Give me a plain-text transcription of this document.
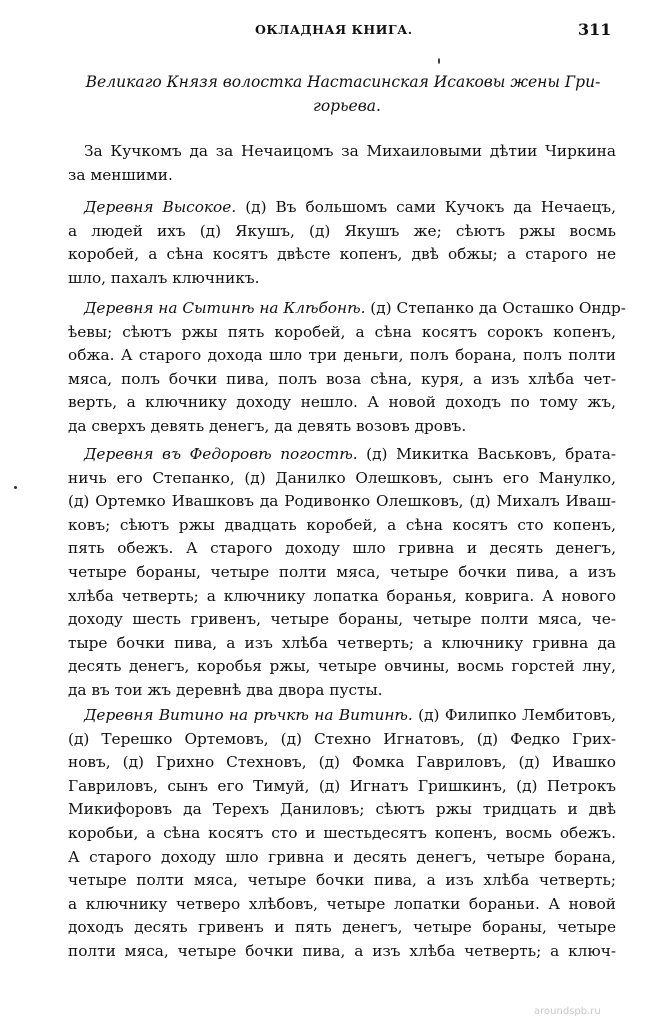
ОКЛАДНАЯ КНИГА.	311
Великаго Князя волостка Настасинская Исаковы жены Гри-
горьева.
За Кучкомъ да за Нечаицомъ за Михаиловыми дѣтии Чиркина
за меншими.
Деревня Высокое. (д) Въ большомъ сами Кучокъ да Нечаецъ,
а людей ихъ (д) Якушъ, (д) Якушъ же; сѣютъ ржы восмь
коробей, а сѣна косятъ двѣсте копенъ, двѣ обжы; а старого не
шло, пахалъ ключникъ.
Деревня на Сытинѣ на Клѣбонѣ. (д) Степанко да Осташко Ондр-
ѣевы; сѣютъ ржы пять коробей, а сѣна косятъ сорокъ копенъ,
обжа. А старого дохода шло три деньги, полъ борана, полъ полти
мяса, полъ бочки пива, полъ воза сѣна, куря, а изъ хлѣба чет-
верть, а ключнику доходу нешло. А новой доходъ по тому жъ,
да сверхъ девять денегъ, да девять возовъ дровъ.
Деревня въ Федоровѣ погостѣ. (д) Микитка Васьковъ, брата-
ничь его Степанко, (д) Данилко Олешковъ, сынъ его Манулко,
(д) Ортемко Ивашковъ да Родивонко Олешковъ, (д) Михалъ Иваш-
ковъ; сѣютъ ржы двадцать коробей, а сѣна косятъ сто копенъ,
пять обежъ. А старого доходу шло гривна и десять денегъ,
четыре бораны, четыре полти мяса, четыре бочки пива, а изъ
хлѣба четверть; а ключнику лопатка боранья, коврига. А нового
доходу шесть гривенъ, четыре бораны, четыре полти мяса, че-
тыре бочки пива, а изъ хлѣба четверть; а ключнику гривна да
десять денегъ, коробья ржы, четыре овчины, восмь горстей лну,
да въ тои жъ деревнѣ два двора пусты.
Деревня Витино на рѣчкѣ на Витинѣ. (д) Филипко Лембитовъ,
(д) Терешко Ортемовъ, (д) Стехно Игнатовъ, (д) Федко Грих-
новъ, (д) Грихно Стехновъ, (д) Фомка Гавриловъ, (д) Ивашко
Гавриловъ, сынъ его Тимуй, (д) Игнатъ Гришкинъ, (д) Петрокъ
Микифоровъ да Терехъ Даниловъ; сѣютъ ржы тридцать и двѣ
коробьи, а сѣна косятъ сто и шестьдесятъ копенъ, восмь обежъ.
А старого доходу шло гривна и десять денегъ, четыре борана,
четыре полти мяса, четыре бочки пива, а изъ хлѣба четверть;
а ключнику четверо хлѣбовъ, четыре лопатки бораньи. А новой
доходъ десять гривенъ и пять денегъ, четыре бораны, четыре
полти мяса, четыре бочки пива, а изъ хлѣба четверть; а ключ-
aroundspb.ru
